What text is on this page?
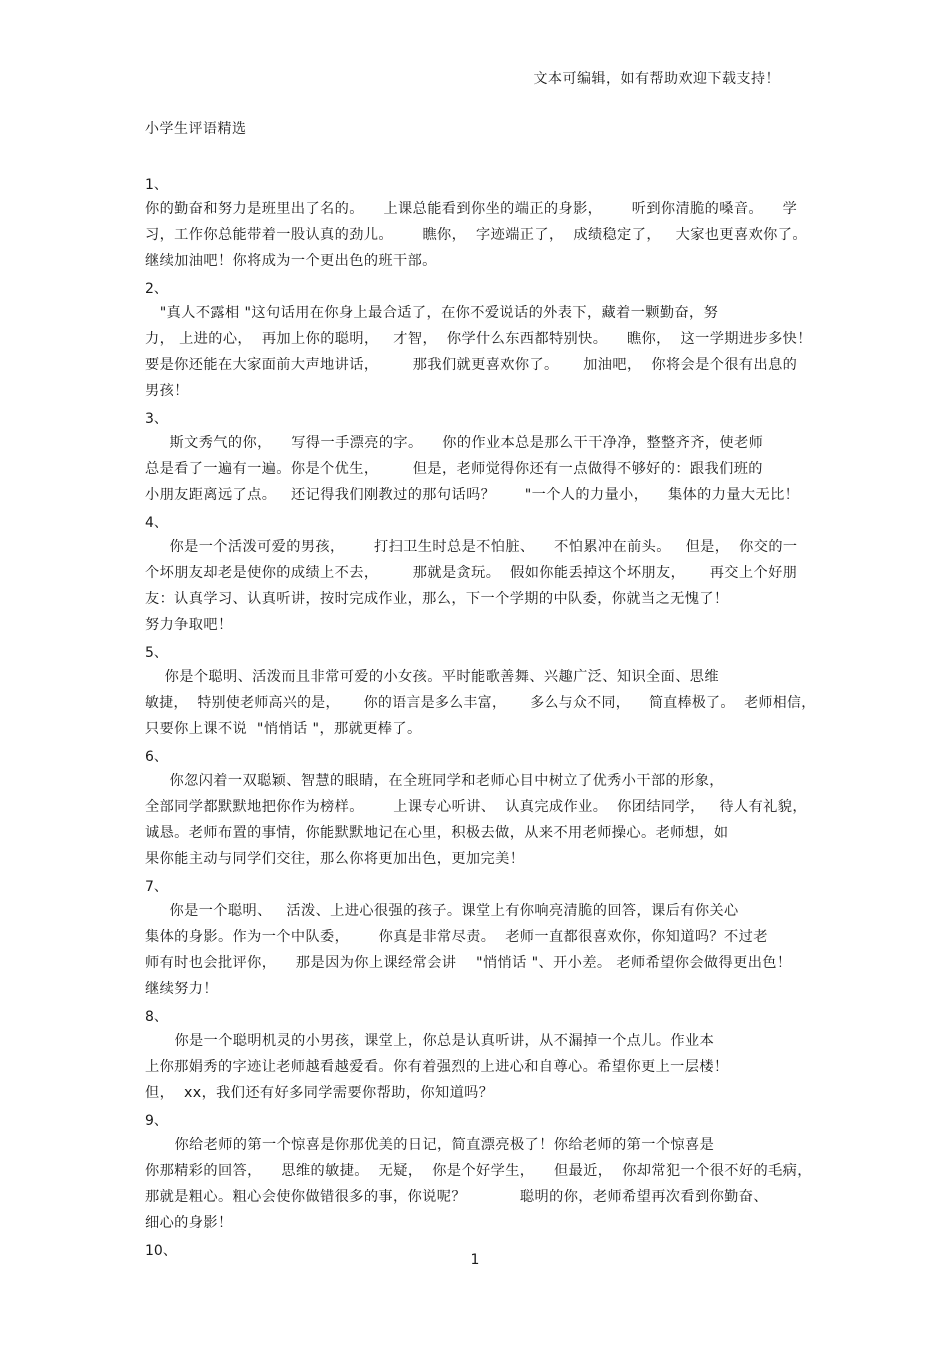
文本可编辑，如有帮助欢迎下载支持！
小学生评语精选
1、
你的勤奋和努力是班里出了名的。    上课总能看到你坐的端正的身影，      听到你清脆的嗓音。    学
习，工作你总能带着一股认真的劲儿。      瞧你，  字迹端正了，  成绩稳定了，   大家也更喜欢你了。
继续加油吧！你将成为一个更出色的班干部。
2、
"真人不露相 "这句话用在你身上最合适了，在你不爱说话的外表下，藏着一颗勤奋，努
力， 上进的心，  再加上你的聪明，   才智，  你学什么东西都特别快。    瞧你，  这一学期进步多快！
要是你还能在大家面前大声地讲话，       那我们就更喜欢你了。     加油吧，  你将会是个很有出息的
男孩！
3、
斯文秀气的你，    写得一手漂亮的字。    你的作业本总是那么干干净净，整整齐齐，使老师
总是看了一遍有一遍。你是个优生，       但是，老师觉得你还有一点做得不够好的：跟我们班的
小朋友距离远了点。   还记得我们刚教过的那句话吗？      "一个人的力量小，    集体的力量大无比！
4、
你是一个活泼可爱的男孩，      打扫卫生时总是不怕脏、    不怕累冲在前头。   但是，  你交的一
个坏朋友却老是使你的成绩上不去，       那就是贪玩。  假如你能丢掉这个坏朋友，     再交上个好朋
友：认真学习、认真听讲，按时完成作业，那么，下一个学期的中队委，你就当之无愧了！
努力争取吧！
5、
你是个聪明、活泼而且非常可爱的小女孩。平时能歌善舞、兴趣广泛、知识全面、思维
敏捷，  特别使老师高兴的是，     你的语言是多么丰富，     多么与众不同，    简直棒极了。  老师相信，
只要你上课不说  "悄悄话 "，那就更棒了。
6、
你忽闪着一双聪颖、智慧的眼睛，在全班同学和老师心目中树立了优秀小干部的形象，
全部同学都默默地把你作为榜样。      上课专心听讲、  认真完成作业。  你团结同学，   待人有礼貌，
诚恳。老师布置的事情，你能默默地记在心里，积极去做，从来不用老师操心。老师想，如
果你能主动与同学们交往，那么你将更加出色，更加完美！
7、
你是一个聪明、   活泼、上进心很强的孩子。课堂上有你响亮清脆的回答，课后有你关心
集体的身影。作为一个中队委，      你真是非常尽责。  老师一直都很喜欢你，你知道吗？不过老
师有时也会批评你，    那是因为你上课经常会讲    "悄悄话 "、开小差。 老师希望你会做得更出色！
继续努力！
8、
你是一个聪明机灵的小男孩，课堂上，你总是认真听讲，从不漏掉一个点儿。作业本
上你那娟秀的字迹让老师越看越爱看。你有着强烈的上进心和自尊心。希望你更上一层楼！
但，  xx，我们还有好多同学需要你帮助，你知道吗？
9、
你给老师的第一个惊喜是你那优美的日记，简直漂亮极了！你给老师的第一个惊喜是
你那精彩的回答，    思维的敏捷。  无疑，  你是个好学生，    但最近，  你却常犯一个很不好的毛病，
那就是粗心。粗心会使你做错很多的事，你说呢？           聪明的你，老师希望再次看到你勤奋、
细心的身影！
10、
1
